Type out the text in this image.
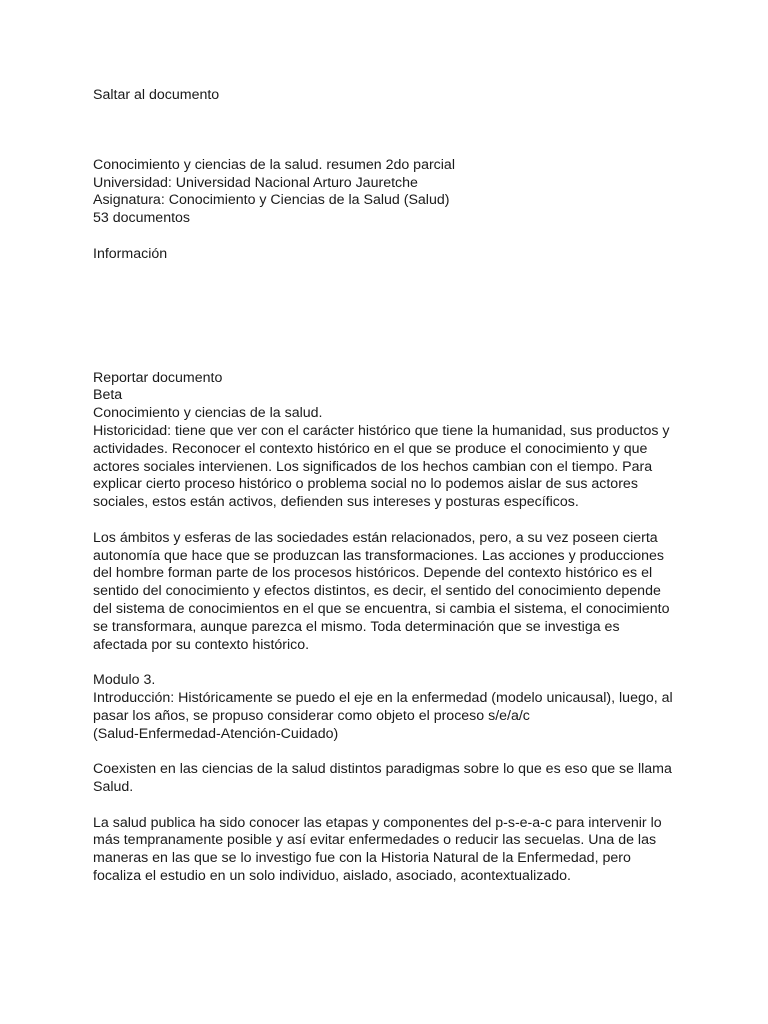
Saltar al documento
Conocimiento y ciencias de la salud. resumen 2do parcial
Universidad: Universidad Nacional Arturo Jauretche
Asignatura: Conocimiento y Ciencias de la Salud (Salud)
53 documentos
Información
Reportar documento
Beta
Conocimiento y ciencias de la salud.
Historicidad: tiene que ver con el carácter histórico que tiene la humanidad, sus productos y
actividades. Reconocer el contexto histórico en el que se produce el conocimiento y que
actores sociales intervienen. Los significados de los hechos cambian con el tiempo. Para
explicar cierto proceso histórico o problema social no lo podemos aislar de sus actores
sociales, estos están activos, defienden sus intereses y posturas específicos.
Los ámbitos y esferas de las sociedades están relacionados, pero, a su vez poseen cierta
autonomía que hace que se produzcan las transformaciones. Las acciones y producciones
del hombre forman parte de los procesos históricos. Depende del contexto histórico es el
sentido del conocimiento y efectos distintos, es decir, el sentido del conocimiento depende
del sistema de conocimientos en el que se encuentra, si cambia el sistema, el conocimiento
se transformara, aunque parezca el mismo. Toda determinación que se investiga es
afectada por su contexto histórico.
Modulo 3.
Introducción: Históricamente se puedo el eje en la enfermedad (modelo unicausal), luego, al
pasar los años, se propuso considerar como objeto el proceso s/e/a/c
(Salud-Enfermedad-Atención-Cuidado)
Coexisten en las ciencias de la salud distintos paradigmas sobre lo que es eso que se llama
Salud.
La salud publica ha sido conocer las etapas y componentes del p-s-e-a-c para intervenir lo
más tempranamente posible y así evitar enfermedades o reducir las secuelas. Una de las
maneras en las que se lo investigo fue con la Historia Natural de la Enfermedad, pero
focaliza el estudio en un solo individuo, aislado, asociado, acontextualizado.
